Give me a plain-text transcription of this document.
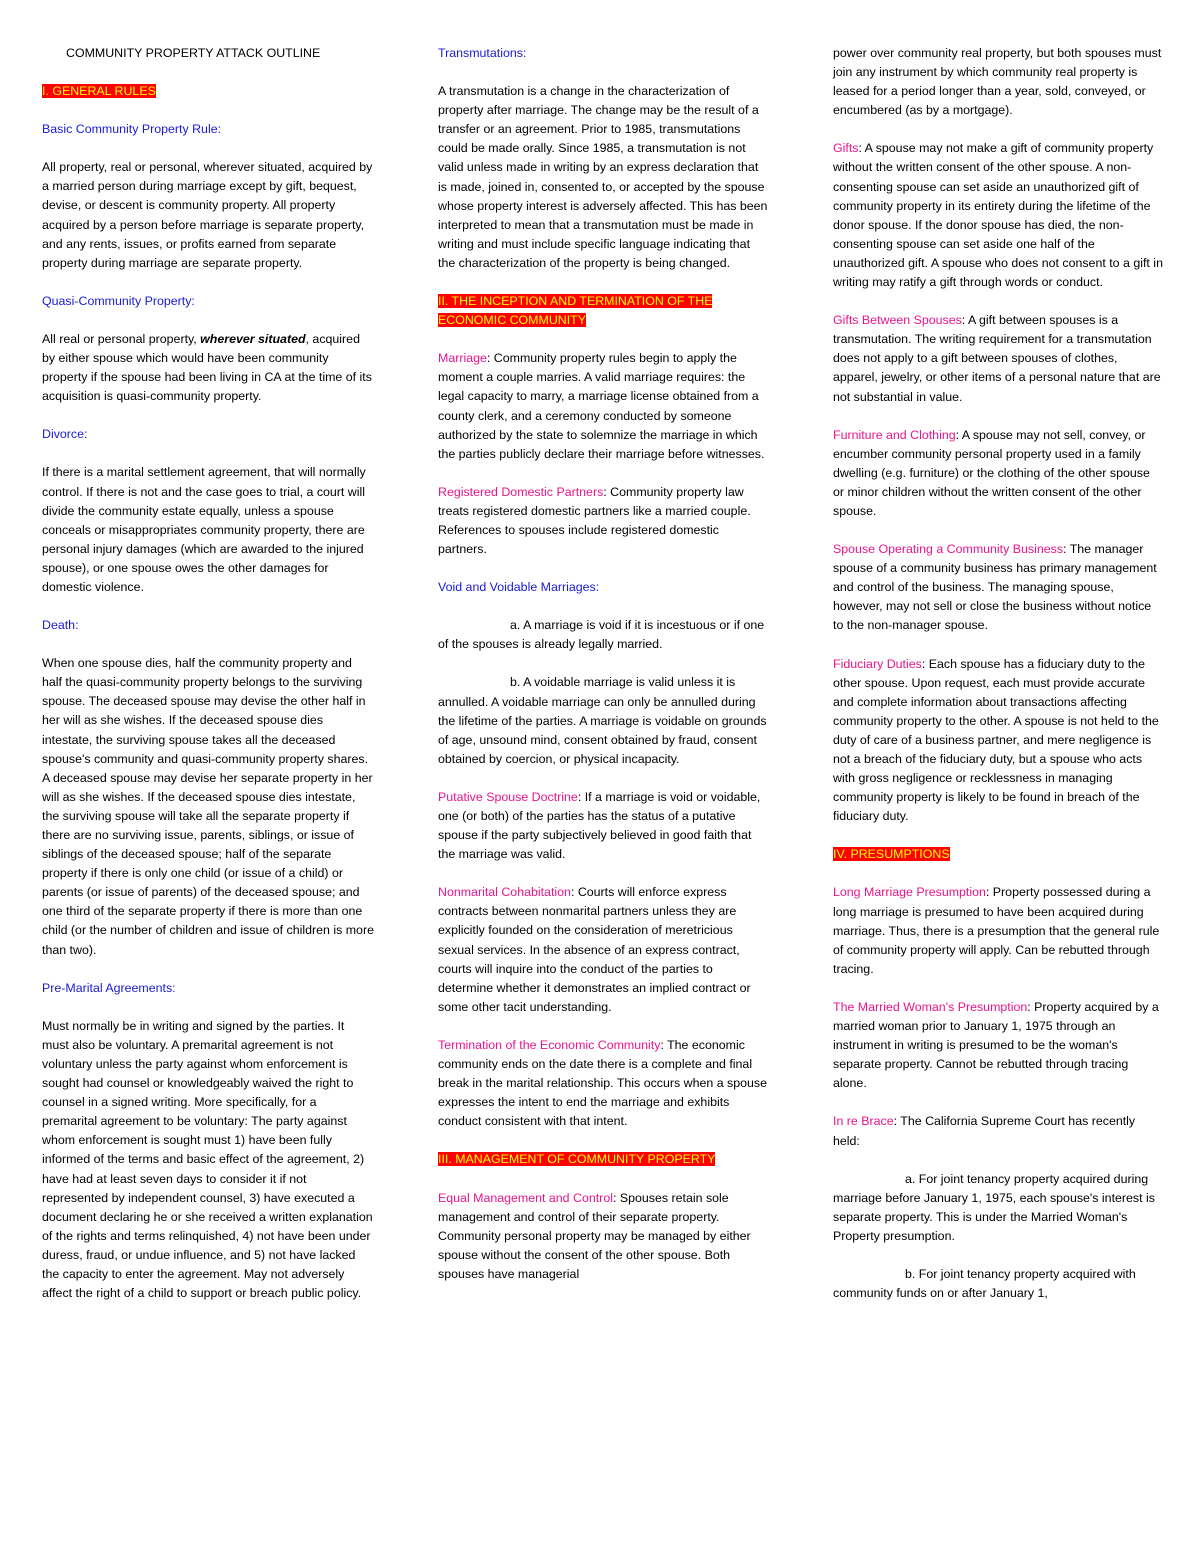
COMMUNITY PROPERTY ATTACK OUTLINE

I. GENERAL RULES

Basic Community Property Rule:

All property, real or personal, wherever situated, acquired by a married person during marriage except by gift, bequest, devise, or descent is community property. All property acquired by a person before marriage is separate property, and any rents, issues, or profits earned from separate property during marriage are separate property.

Quasi-Community Property:

All real or personal property, wherever situated, acquired by either spouse which would have been community property if the spouse had been living in CA at the time of its acquisition is quasi-community property.

Divorce:

If there is a marital settlement agreement, that will normally control. If there is not and the case goes to trial, a court will divide the community estate equally, unless a spouse conceals or misappropriates community property, there are personal injury damages (which are awarded to the injured spouse), or one spouse owes the other damages for domestic violence.

Death:

When one spouse dies, half the community property and half the quasi-community property belongs to the surviving spouse. The deceased spouse may devise the other half in her will as she wishes. If the deceased spouse dies intestate, the surviving spouse takes all the deceased spouse's community and quasi-community property shares. A deceased spouse may devise her separate property in her will as she wishes. If the deceased spouse dies intestate, the surviving spouse will take all the separate property if there are no surviving issue, parents, siblings, or issue of siblings of the deceased spouse; half of the separate property if there is only one child (or issue of a child) or parents (or issue of parents) of the deceased spouse; and one third of the separate property if there is more than one child (or the number of children and issue of children is more than two).

Pre-Marital Agreements:

Must normally be in writing and signed by the parties. It must also be voluntary. A premarital agreement is not voluntary unless the party against whom enforcement is sought had counsel or knowledgeably waived the right to counsel in a signed writing. More specifically, for a premarital agreement to be voluntary: The party against whom enforcement is sought must 1) have been fully informed of the terms and basic effect of the agreement, 2) have had at least seven days to consider it if not represented by independent counsel, 3) have executed a document declaring he or she received a written explanation of the rights and terms relinquished, 4) not have been under duress, fraud, or undue influence, and 5) not have lacked the capacity to enter the agreement. May not adversely affect the right of a child to support or breach public policy.

Transmutations:

A transmutation is a change in the characterization of property after marriage. The change may be the result of a transfer or an agreement. Prior to 1985, transmutations could be made orally. Since 1985, a transmutation is not valid unless made in writing by an express declaration that is made, joined in, consented to, or accepted by the spouse whose property interest is adversely affected. This has been interpreted to mean that a transmutation must be made in writing and must include specific language indicating that the characterization of the property is being changed.

II. THE INCEPTION AND TERMINATION OF THE ECONOMIC COMMUNITY

Marriage: Community property rules begin to apply the moment a couple marries. A valid marriage requires: the legal capacity to marry, a marriage license obtained from a county clerk, and a ceremony conducted by someone authorized by the state to solemnize the marriage in which the parties publicly declare their marriage before witnesses.

Registered Domestic Partners: Community property law treats registered domestic partners like a married couple. References to spouses include registered domestic partners.

Void and Voidable Marriages:

a. A marriage is void if it is incestuous or if one of the spouses is already legally married.

b. A voidable marriage is valid unless it is annulled. A voidable marriage can only be annulled during the lifetime of the parties. A marriage is voidable on grounds of age, unsound mind, consent obtained by fraud, consent obtained by coercion, or physical incapacity.

Putative Spouse Doctrine: If a marriage is void or voidable, one (or both) of the parties has the status of a putative spouse if the party subjectively believed in good faith that the marriage was valid.

Nonmarital Cohabitation: Courts will enforce express contracts between nonmarital partners unless they are explicitly founded on the consideration of meretricious sexual services. In the absence of an express contract, courts will inquire into the conduct of the parties to determine whether it demonstrates an implied contract or some other tacit understanding.

Termination of the Economic Community: The economic community ends on the date there is a complete and final break in the marital relationship. This occurs when a spouse expresses the intent to end the marriage and exhibits conduct consistent with that intent.

III. MANAGEMENT OF COMMUNITY PROPERTY

Equal Management and Control: Spouses retain sole management and control of their separate property. Community personal property may be managed by either spouse without the consent of the other spouse. Both spouses have managerial

power over community real property, but both spouses must join any instrument by which community real property is leased for a period longer than a year, sold, conveyed, or encumbered (as by a mortgage).

Gifts: A spouse may not make a gift of community property without the written consent of the other spouse. A non-consenting spouse can set aside an unauthorized gift of community property in its entirety during the lifetime of the donor spouse. If the donor spouse has died, the non-consenting spouse can set aside one half of the unauthorized gift. A spouse who does not consent to a gift in writing may ratify a gift through words or conduct.

Gifts Between Spouses: A gift between spouses is a transmutation. The writing requirement for a transmutation does not apply to a gift between spouses of clothes, apparel, jewelry, or other items of a personal nature that are not substantial in value.

Furniture and Clothing: A spouse may not sell, convey, or encumber community personal property used in a family dwelling (e.g. furniture) or the clothing of the other spouse or minor children without the written consent of the other spouse.

Spouse Operating a Community Business: The manager spouse of a community business has primary management and control of the business. The managing spouse, however, may not sell or close the business without notice to the non-manager spouse.

Fiduciary Duties: Each spouse has a fiduciary duty to the other spouse. Upon request, each must provide accurate and complete information about transactions affecting community property to the other. A spouse is not held to the duty of care of a business partner, and mere negligence is not a breach of the fiduciary duty, but a spouse who acts with gross negligence or recklessness in managing community property is likely to be found in breach of the fiduciary duty.

IV. PRESUMPTIONS

Long Marriage Presumption: Property possessed during a long marriage is presumed to have been acquired during marriage. Thus, there is a presumption that the general rule of community property will apply. Can be rebutted through tracing.

The Married Woman's Presumption: Property acquired by a married woman prior to January 1, 1975 through an instrument in writing is presumed to be the woman's separate property. Cannot be rebutted through tracing alone.

In re Brace: The California Supreme Court has recently held:

a. For joint tenancy property acquired during marriage before January 1, 1975, each spouse's interest is separate property. This is under the Married Woman's Property presumption.

b. For joint tenancy property acquired with community funds on or after January 1,
